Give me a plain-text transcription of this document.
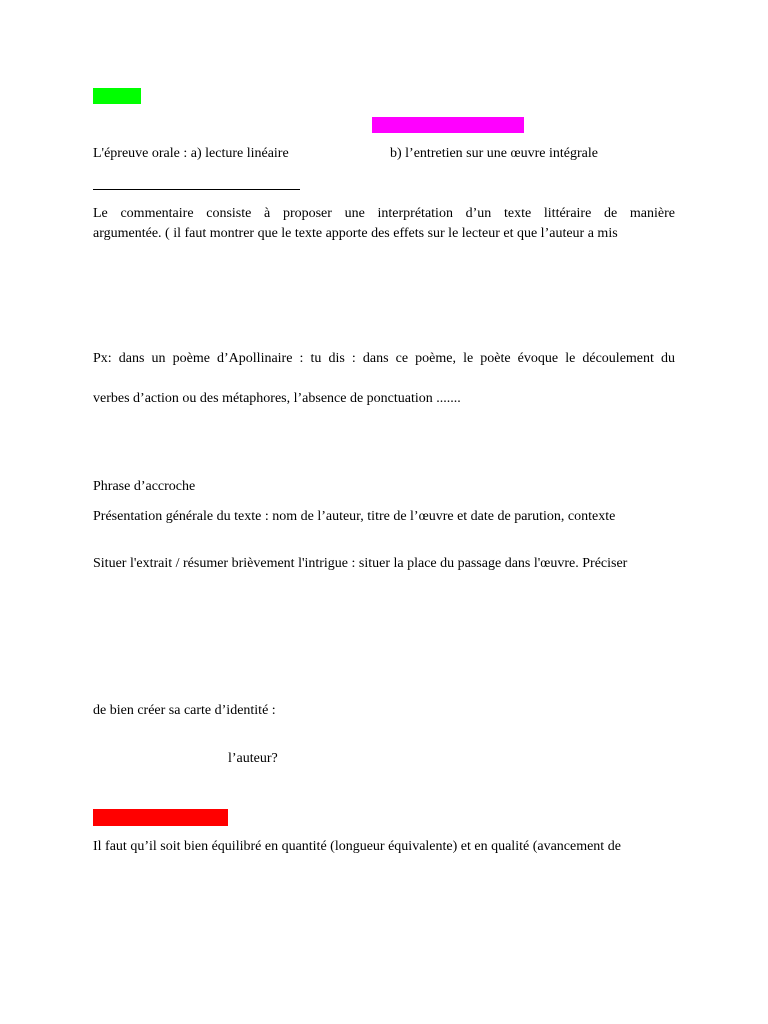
L'épreuve orale : a) lecture linéaire	b) l’entretien sur une œuvre intégrale
Le commentaire consiste à proposer une interprétation d’un texte littéraire de manière
argumentée. ( il faut montrer que le texte apporte des effets sur le lecteur et que l’auteur a mis
Px: dans un poème d’Apollinaire : tu dis : dans ce poème, le poète évoque le découlement du
verbes d’action ou des métaphores, l’absence de ponctuation .......
Phrase d’accroche
Présentation générale du texte : nom de l’auteur, titre de l’œuvre et date de parution, contexte
Situer l'extrait / résumer brièvement l'intrigue : situer la place du passage dans l'œuvre. Préciser
de bien créer sa carte d’identité :
l’auteur?
Il faut qu’il soit bien équilibré en quantité (longueur équivalente) et en qualité (avancement de
